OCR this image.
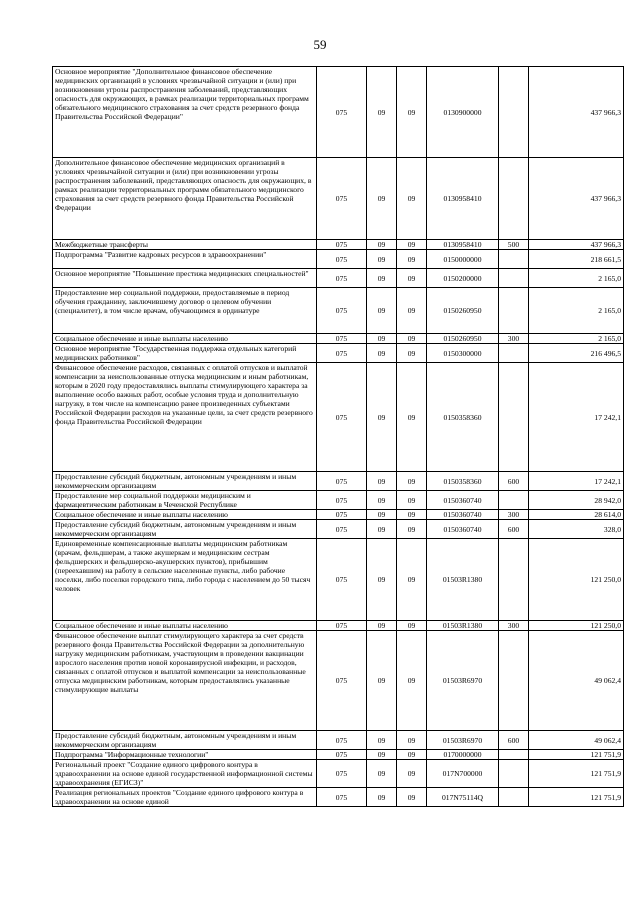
59
Основное мероприятие "Дополнительное финансовое обеспечение медицинских организаций в условиях чрезвычайной ситуации и (или) при возникновении угрозы распространения заболеваний, представляющих опасность для окружающих, в рамках реализации территориальных программ обязательного медицинского страхования за счет средств резервного фонда Правительства Российской Федерации"	075	09	09	0130900000		437 966,3
Дополнительное финансовое обеспечение медицинских организаций в условиях чрезвычайной ситуации и (или) при возникновении угрозы распространения заболеваний, представляющих опасность для окружающих, в рамках реализации территориальных программ обязательного медицинского страхования за счет средств резервного фонда Правительства Российской Федерации	075	09	09	0130958410		437 966,3
Межбюджетные трансферты	075	09	09	0130958410	500	437 966,3
Подпрограмма "Развитие кадровых ресурсов в здравоохранении"	075	09	09	0150000000		218 661,5
Основное мероприятие "Повышение престижа медицинских специальностей"	075	09	09	0150200000		2 165,0
Предоставление мер социальной поддержки, предоставляемые в период обучения гражданину, заключившему договор о целевом обучении (специалитет), в том числе врачам, обучающимся в ординатуре	075	09	09	0150260950		2 165,0
Социальное обеспечение и иные выплаты населению	075	09	09	0150260950	300	2 165,0
Основное мероприятие "Государственная поддержка отдельных категорий медицинских работников"	075	09	09	0150300000		216 496,5
Финансовое обеспечение расходов, связанных с оплатой отпусков и выплатой компенсации за неиспользованные отпуска медицинским и иным работникам, которым в 2020 году предоставлялись выплаты стимулирующего характера за выполнение особо важных работ, особые условия труда и дополнительную нагрузку, в том числе на компенсацию ранее произведенных субъектами Российской Федерации расходов на указанные цели, за счет средств резервного фонда Правительства Российской Федерации	075	09	09	0150358360		17 242,1
Предоставление субсидий бюджетным, автономным учреждениям и иным некоммерческим организациям	075	09	09	0150358360	600	17 242,1
Предоставление мер социальной поддержки медицинским и фармацевтическим работникам в Чеченской Республике	075	09	09	0150360740		28 942,0
Социальное обеспечение и иные выплаты населению	075	09	09	0150360740	300	28 614,0
Предоставление субсидий бюджетным, автономным учреждениям и иным некоммерческим организациям	075	09	09	0150360740	600	328,0
Единовременные компенсационные выплаты медицинским работникам (врачам, фельдшерам, а также акушеркам и медицинским сестрам фельдшерских и фельдшерско-акушерских пунктов), прибывшим (переехавшим) на работу в сельские населенные пункты, либо рабочие поселки, либо поселки городского типа, либо города с населением до 50 тысяч человек	075	09	09	01503R1380		121 250,0
Социальное обеспечение и иные выплаты населению	075	09	09	01503R1380	300	121 250,0
Финансовое обеспечение выплат стимулирующего характера за счет средств резервного фонда Правительства Российской Федерации за дополнительную нагрузку медицинским работникам, участвующим в проведении вакцинации взрослого населения против новой коронавирусной инфекции, и расходов, связанных с оплатой отпусков и выплатой компенсации за неиспользованные отпуска медицинским работникам, которым предоставлялись указанные стимулирующие выплаты	075	09	09	01503R6970		49 062,4
Предоставление субсидий бюджетным, автономным учреждениям и иным некоммерческим организациям	075	09	09	01503R6970	600	49 062,4
Подпрограмма "Информационные технологии"	075	09	09	0170000000		121 751,9
Региональный проект "Создание единого цифрового контура в здравоохранении на основе единой государственной информационной системы здравоохранения (ЕГИСЗ)"	075	09	09	017N700000		121 751,9
Реализация региональных проектов "Создание единого цифрового контура в здравоохранении на основе единой	075	09	09	017N75114Q		121 751,9
